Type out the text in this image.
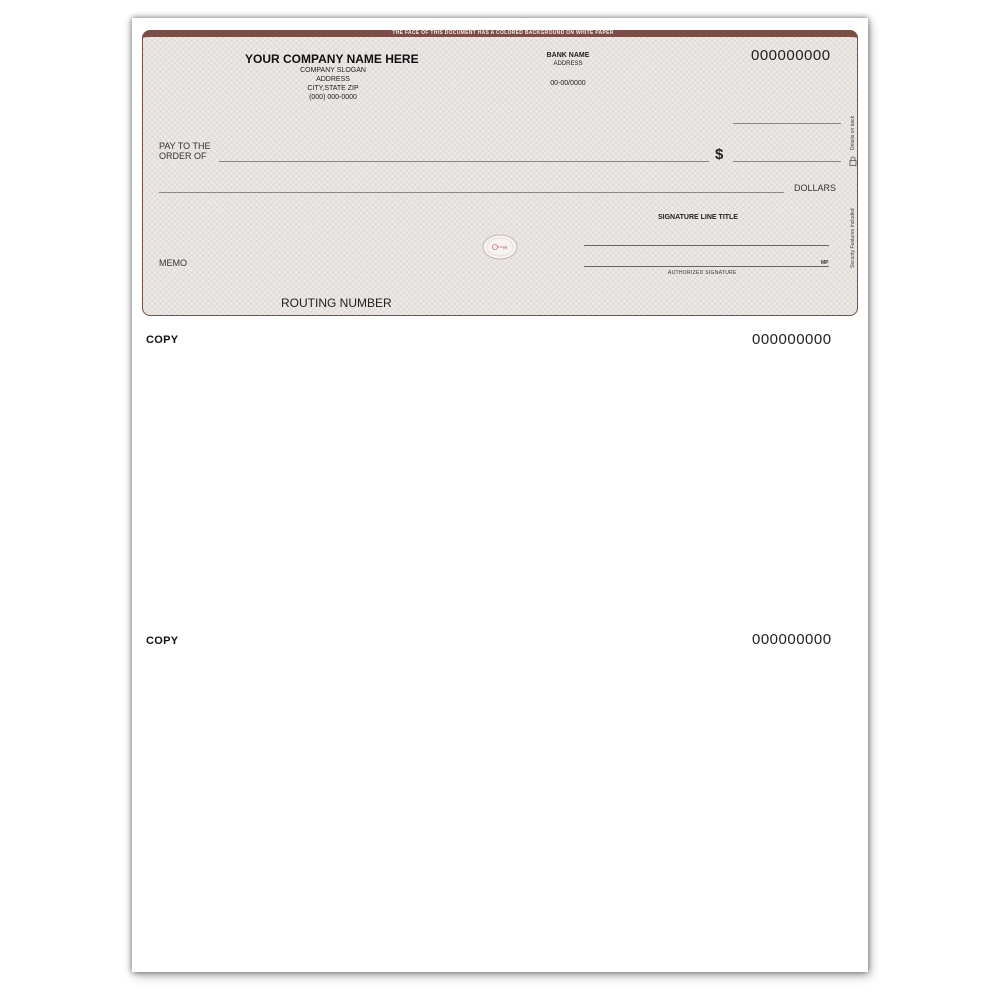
THE FACE OF THIS DOCUMENT HAS A COLORED BACKGROUND ON WHITE PAPER
YOUR COMPANY NAME HERE
COMPANY SLOGAN
ADDRESS
CITY,STATE ZIP
(000) 000-0000
BANK NAME
ADDRESS
00-00/0000
000000000
PAY TO THE
ORDER OF	$
DOLLARS
SIGNATURE LINE TITLE
MP
AUTHORIZED SIGNATURE
MEMO
ROUTING NUMBER
Security Features Included
Details on back
COPY	000000000
COPY	000000000
